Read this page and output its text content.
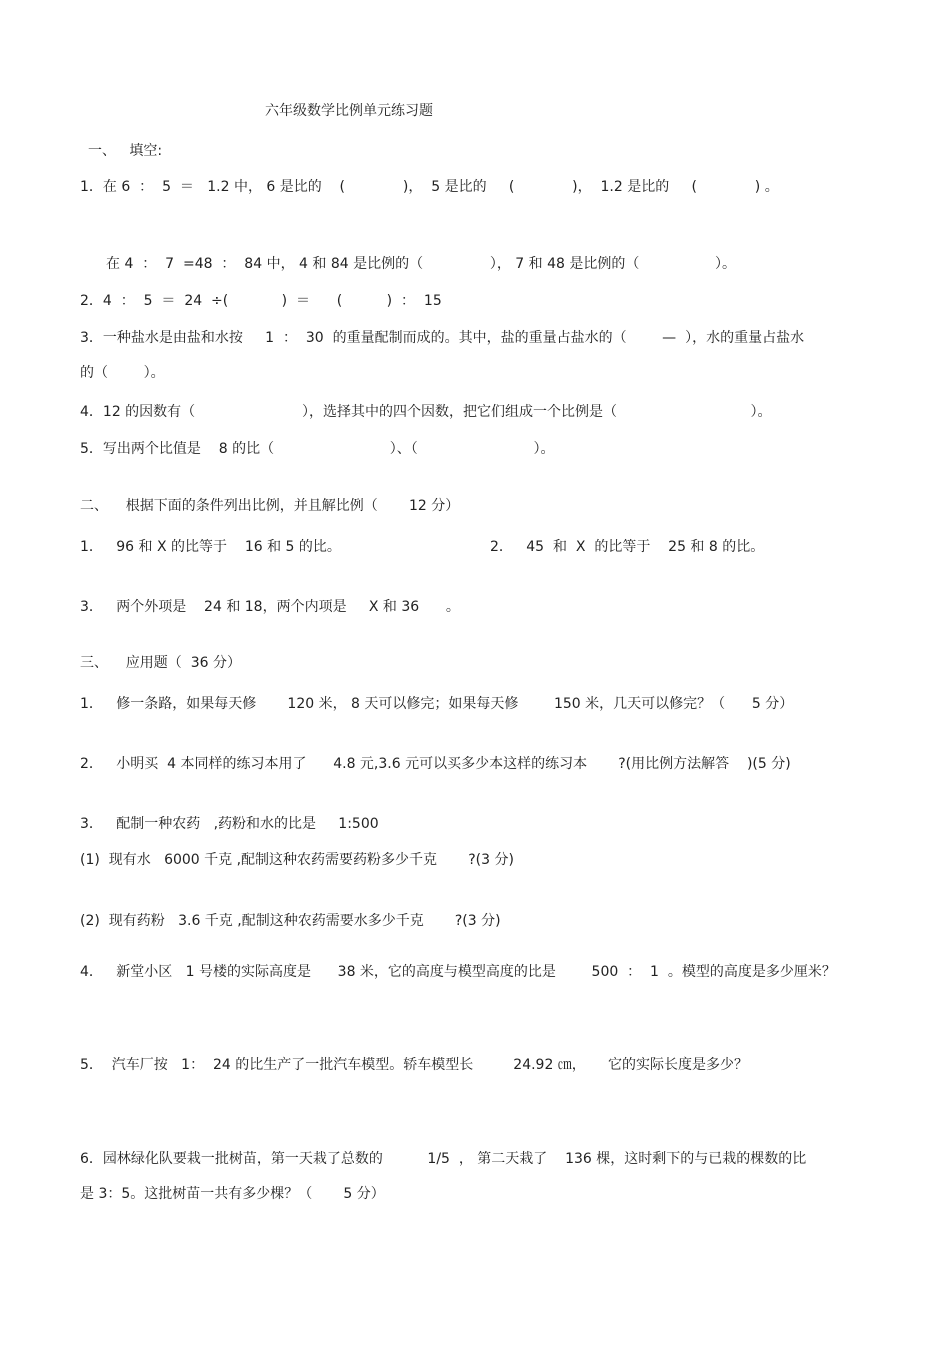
六年级数学比例单元练习题
一、   填空:
1．在 6  ：  5  ＝   1.2 中， 6 是比的    (             )，  5 是比的     (             )，  1.2 是比的     (             ) 。
在 4  ：  7  =48  ：  84 中， 4 和 84 是比例的（               ）， 7 和 48 是比例的（                 ）。
2．4  ：  5  ＝  24  ÷(            )  ＝      (          )  ：  15
3．一种盐水是由盐和水按     1  ：  30  的重量配制而成的。其中，盐的重量占盐水的（        —  ），水的重量占盐水
的（        ）。
4．12 的因数有（                        ），选择其中的四个因数，把它们组成一个比例是（                              ）。
5．写出两个比值是    8 的比（                          ）、（                          ）。
二、    根据下面的条件列出比例，并且解比例（       12 分）
1．   96 和 X 的比等于    16 和 5 的比。	2．   45  和  X  的比等于    25 和 8 的比。
3．   两个外项是    24 和 18，两个内项是     X 和 36      。
三、    应用题（  36 分）
1．   修一条路，如果每天修       120 米， 8 天可以修完；如果每天修        150 米，几天可以修完？（      5 分）
2．   小明买  4 本同样的练习本用了      4.8 元,3.6 元可以买多少本这样的练习本       ?(用比例方法解答    )(5 分)
3．   配制一种农药   ,药粉和水的比是     1:500
(1)  现有水   6000 千克 ,配制这种农药需要药粉多少千克       ?(3 分)
(2)  现有药粉   3.6 千克 ,配制这种农药需要水多少千克       ?(3 分)
4．   新堂小区   1 号楼的实际高度是      38 米，它的高度与模型高度的比是        500  ：  1  。模型的高度是多少厘米？
5．  汽车厂按   1：  24 的比生产了一批汽车模型。轿车模型长         24.92 ㎝，     它的实际长度是多少？
6．园林绿化队要栽一批树苗，第一天栽了总数的          1/5  ， 第二天栽了    136 棵，这时剩下的与已栽的棵数的比
是 3：5。这批树苗一共有多少棵？（       5 分）
